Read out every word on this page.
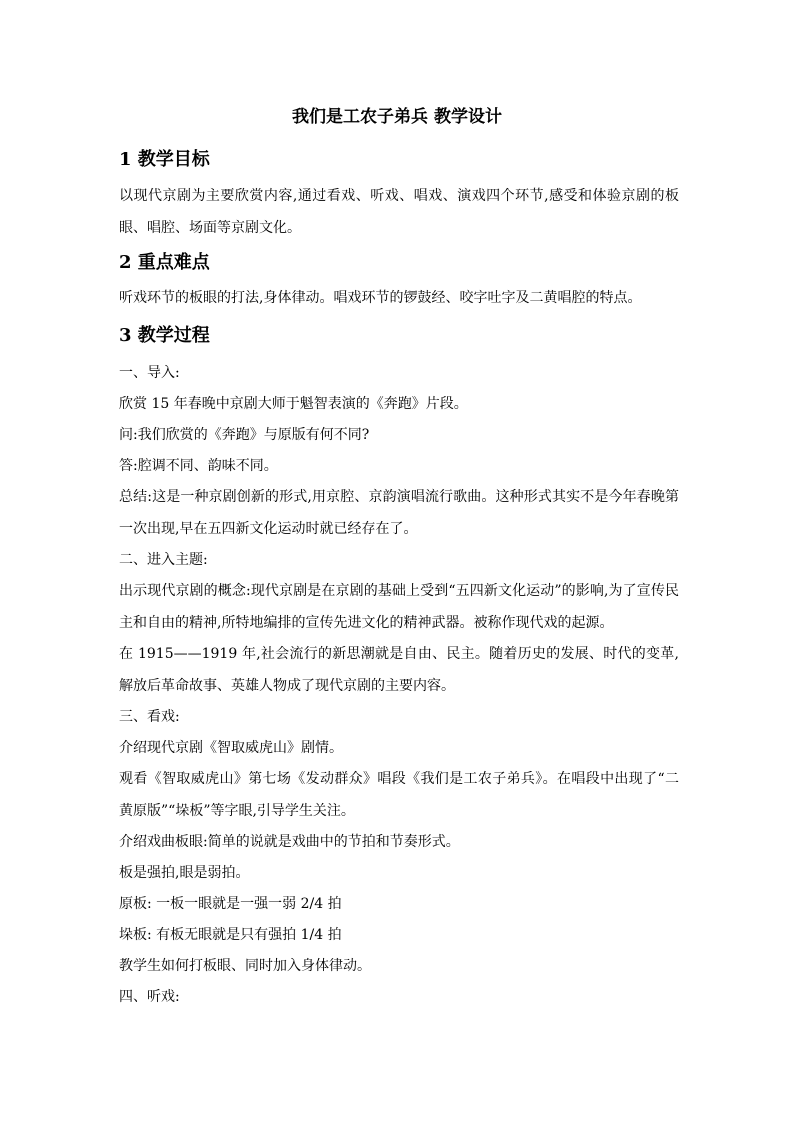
我们是工农子弟兵 教学设计
1 教学目标
以现代京剧为主要欣赏内容,通过看戏、听戏、唱戏、演戏四个环节,感受和体验京剧的板眼、唱腔、场面等京剧文化。
2 重点难点
听戏环节的板眼的打法,身体律动。唱戏环节的锣鼓经、咬字吐字及二黄唱腔的特点。
3 教学过程
一、导入:
欣赏 15 年春晚中京剧大师于魁智表演的《奔跑》片段。
问:我们欣赏的《奔跑》与原版有何不同?
答:腔调不同、韵味不同。
总结:这是一种京剧创新的形式,用京腔、京韵演唱流行歌曲。这种形式其实不是今年春晚第一次出现,早在五四新文化运动时就已经存在了。
二、进入主题:
出示现代京剧的概念:现代京剧是在京剧的基础上受到“五四新文化运动”的影响,为了宣传民主和自由的精神,所特地编排的宣传先进文化的精神武器。被称作现代戏的起源。
在 1915——1919 年,社会流行的新思潮就是自由、民主。随着历史的发展、时代的变革,解放后革命故事、英雄人物成了现代京剧的主要内容。
三、看戏:
介绍现代京剧《智取威虎山》剧情。
观看《智取威虎山》第七场《发动群众》唱段《我们是工农子弟兵》。在唱段中出现了“二黄原版”“垛板”等字眼,引导学生关注。
介绍戏曲板眼:简单的说就是戏曲中的节拍和节奏形式。
板是强拍,眼是弱拍。
原板: 一板一眼就是一强一弱 2/4 拍
垛板: 有板无眼就是只有强拍 1/4 拍
教学生如何打板眼、同时加入身体律动。
四、听戏:
